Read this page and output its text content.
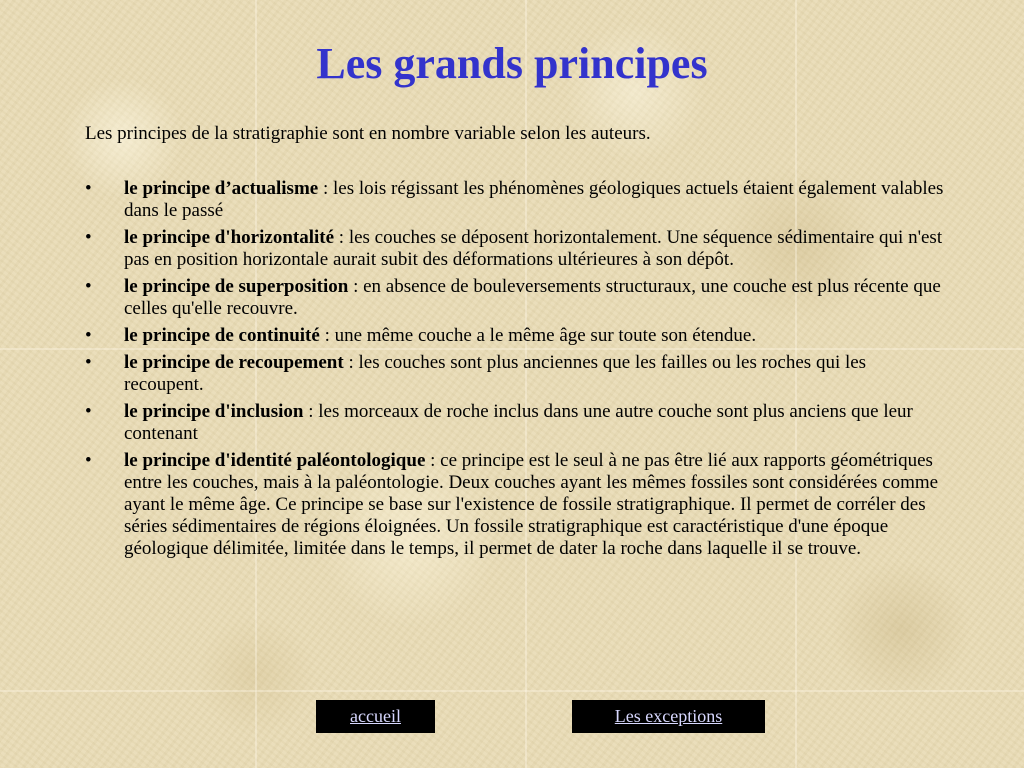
Les grands principes

Les principes de la stratigraphie sont en nombre variable selon les auteurs.

• le principe d’actualisme : les lois régissant les phénomènes géologiques actuels étaient également valables dans le passé
• le principe d'horizontalité : les couches se déposent horizontalement. Une séquence sédimentaire qui n'est pas en position horizontale aurait subit des déformations ultérieures à son dépôt.
• le principe de superposition : en absence de bouleversements structuraux, une couche est plus récente que celles qu'elle recouvre.
• le principe de continuité : une même couche a le même âge sur toute son étendue.
• le principe de recoupement : les couches sont plus anciennes que les failles ou les roches qui les recoupent.
• le principe d'inclusion : les morceaux de roche inclus dans une autre couche sont plus anciens que leur contenant
• le principe d'identité paléontologique : ce principe est le seul à ne pas être lié aux rapports géométriques entre les couches, mais à la paléontologie. Deux couches ayant les mêmes fossiles sont considérées comme ayant le même âge. Ce principe se base sur l'existence de fossile stratigraphique. Il permet de corréler des séries sédimentaires de régions éloignées. Un fossile stratigraphique est caractéristique d'une époque géologique délimitée, limitée dans le temps, il permet de dater la roche dans laquelle il se trouve.
accueil	Les exceptions
